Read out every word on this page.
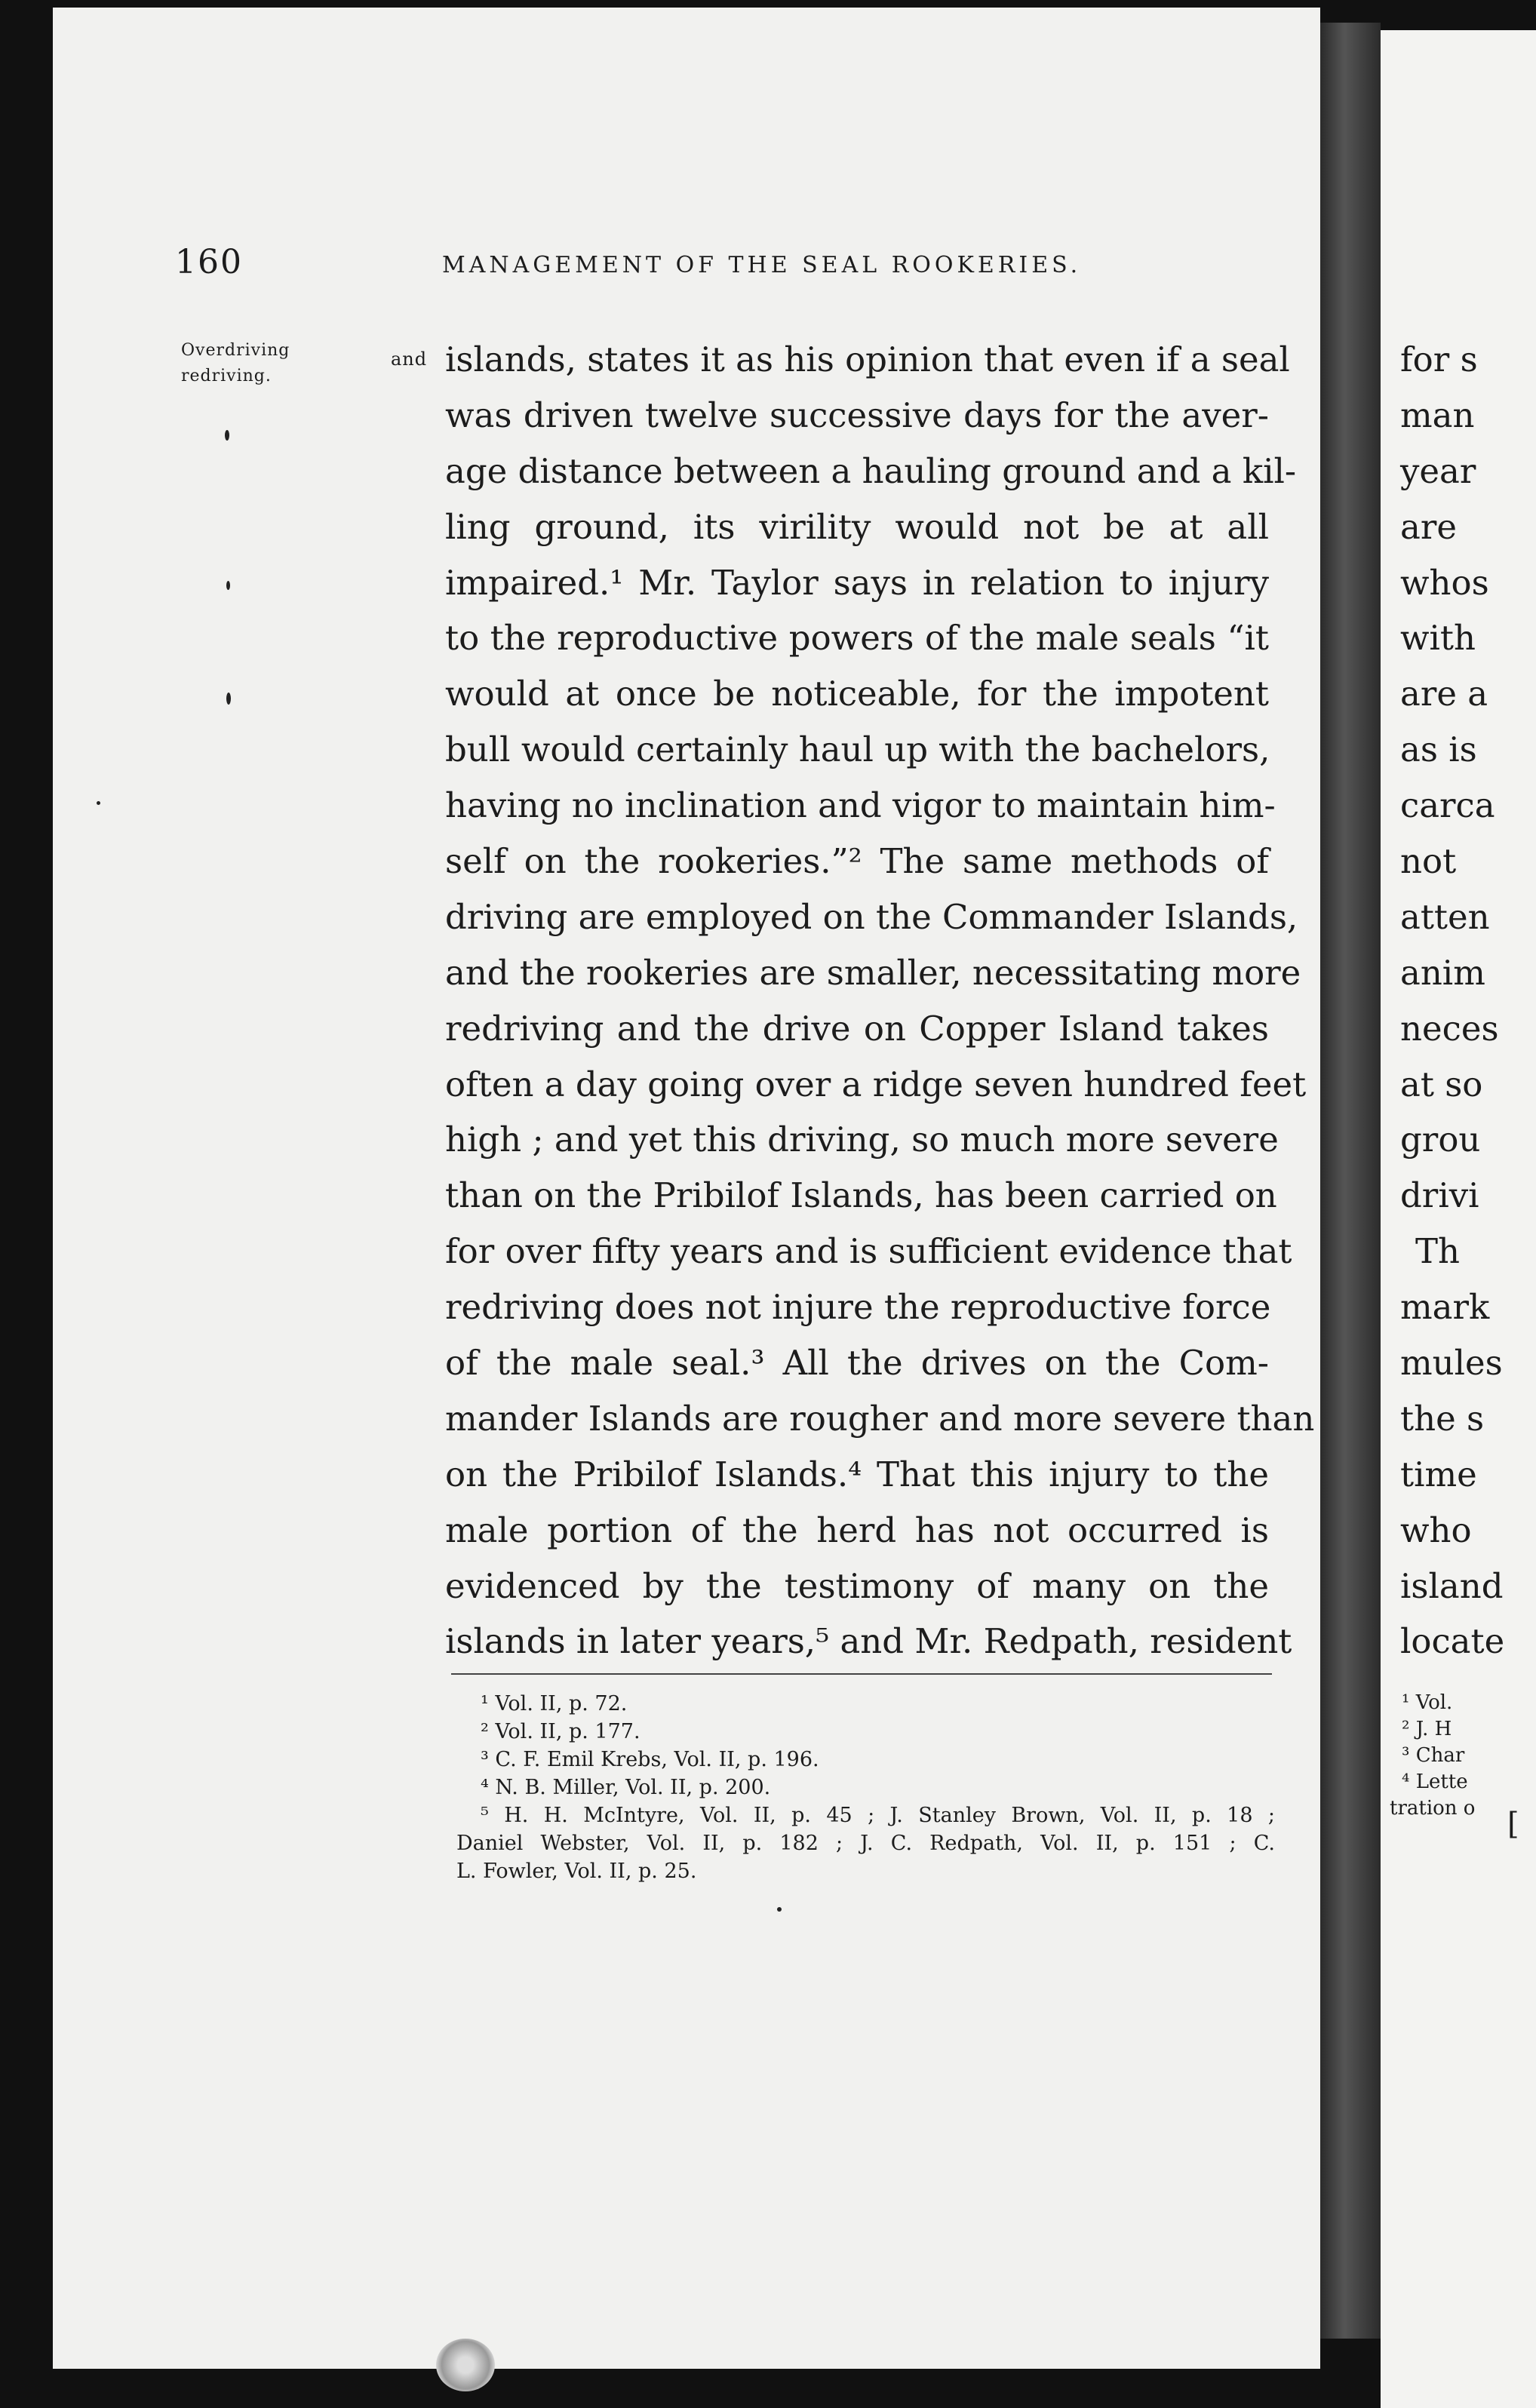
for s
man
year
are
whos
with
are a
as is
carca
not
atten
anim
neces
at so
grou
drivi
Th
mark
mules
the s
time
who
island
locate
¹ Vol.
² J. H
³ Char
⁴ Lette
tration o [
160	MANAGEMENT OF THE SEAL ROOKERIES.
Overdriving
redriving.
and islands, states it as his opinion that even if a seal
was driven twelve successive days for the aver-
age distance between a hauling ground and a kil-
ling ground, its virility would not be at all
impaired.¹ Mr. Taylor says in relation to injury
to the reproductive powers of the male seals “it
would at once be noticeable, for the impotent
bull would certainly haul up with the bachelors,
having no inclination and vigor to maintain him-
self on the rookeries.”² The same methods of
driving are employed on the Commander Islands,
and the rookeries are smaller, necessitating more
redriving and the drive on Copper Island takes
often a day going over a ridge seven hundred feet
high ; and yet this driving, so much more severe
than on the Pribilof Islands, has been carried on
for over fifty years and is sufficient evidence that
redriving does not injure the reproductive force
of the male seal.³ All the drives on the Com-
mander Islands are rougher and more severe than
on the Pribilof Islands.⁴ That this injury to the
male portion of the herd has not occurred is
evidenced by the testimony of many on the
islands in later years,⁵ and Mr. Redpath, resident
¹ Vol. II, p. 72.
² Vol. II, p. 177.
³ C. F. Emil Krebs, Vol. II, p. 196.
⁴ N. B. Miller, Vol. II, p. 200.
⁵ H. H. McIntyre, Vol. II, p. 45 ; J. Stanley Brown, Vol. II, p. 18 ;
Daniel Webster, Vol. II, p. 182 ; J. C. Redpath, Vol. II, p. 151 ; C.
L. Fowler, Vol. II, p. 25.
